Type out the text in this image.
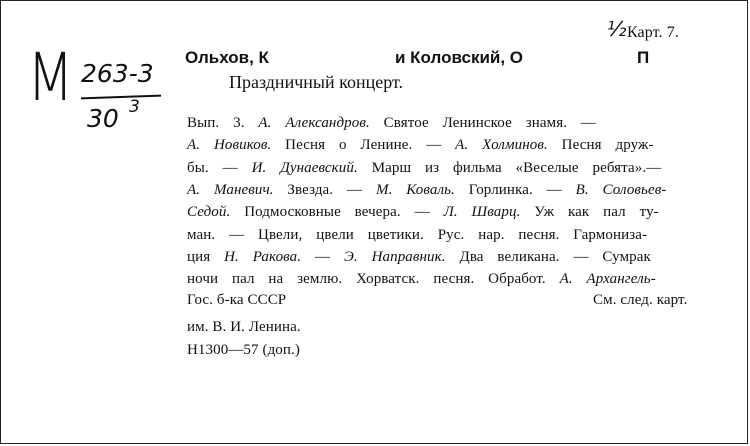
½ Карт. 7.
M 263-3
30 3
Ольхов, К	и Коловский, О	П
Праздничный концерт.
Вып. 3. А. Александров. Святое Ленинское знамя. —
А. Новиков. Песня о Ленине. — А. Холминов. Песня друж-
бы. — И. Дунаевский. Марш из фильма «Веселые ребята».—
А. Маневич. Звезда. — М. Коваль. Горлинка. — В. Соловьев-
Седой. Подмосковные вечера. — Л. Шварц. Уж как пал ту-
ман. — Цвели, цвели цветики. Рус. нар. песня. Гармониза-
ция Н. Ракова. — Э. Направник. Два великана. — Сумрак
ночи пал на землю. Хорватск. песня. Обработ. А. Архангель-
Гос. б-ка СССР	См. след. карт.
им. В. И. Ленина.
Н1300—57 (доп.)
